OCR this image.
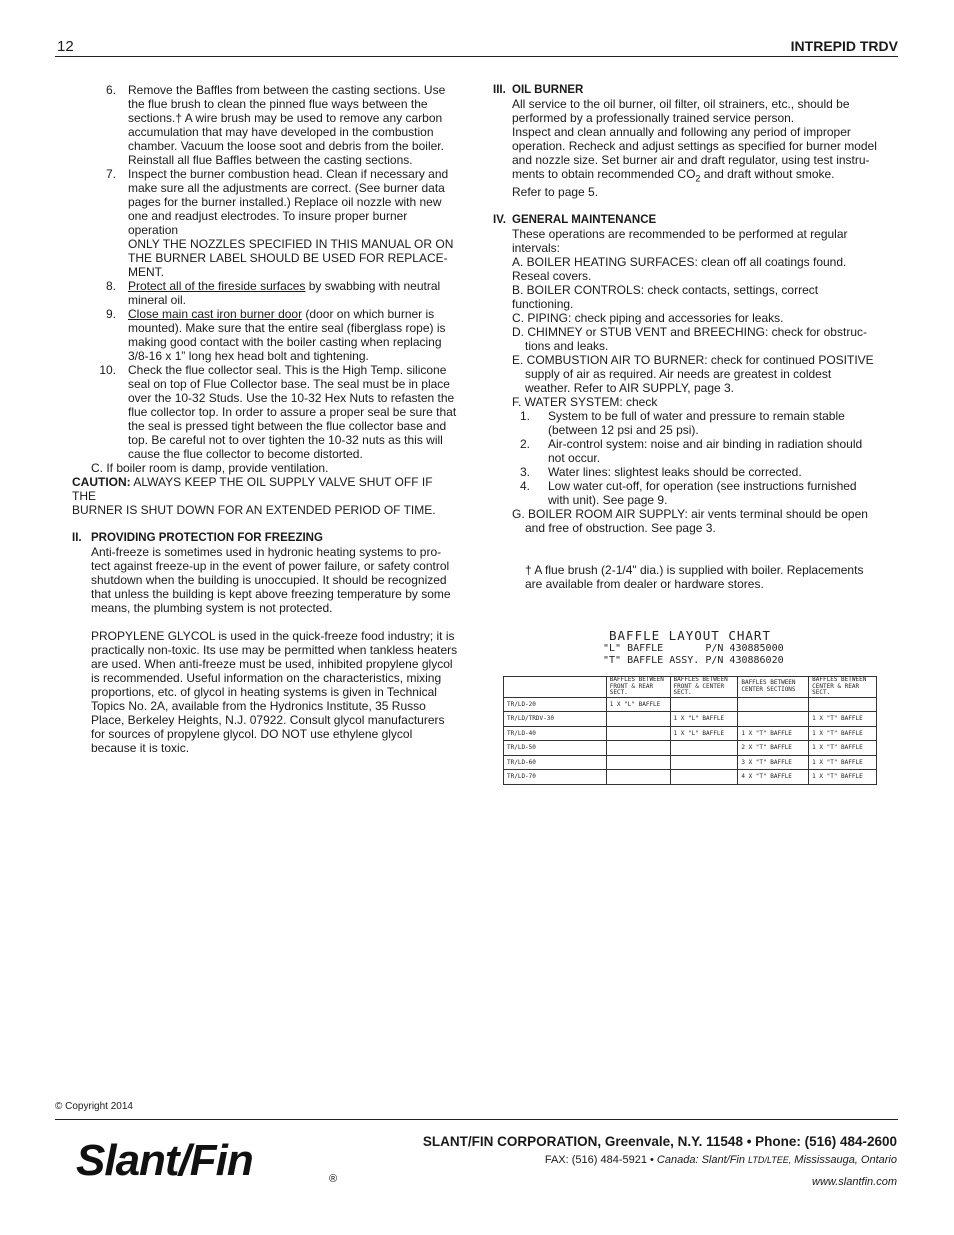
12	INTREPID TRDV
6. Remove the Baffles from between the casting sections. Use

the flue brush to clean the pinned flue ways between the

sections.† A wire brush may be used to remove any carbon

accumulation that may have developed in the combustion

chamber. Vacuum the loose soot and debris from the boiler.

Reinstall all flue Baffles between the casting sections.

7. Inspect the burner combustion head. Clean if necessary and

make sure all the adjustments are correct. (See burner data

pages for the burner installed.) Replace oil nozzle with new

one and readjust electrodes. To insure proper burner operation

ONLY THE NOZZLES SPECIFIED IN THIS MANUAL OR ON

THE BURNER LABEL SHOULD BE USED FOR REPLACE-

MENT.

8. Protect all of the fireside surfaces by swabbing with neutral

mineral oil.

9. Close main cast iron burner door (door on which burner is

mounted). Make sure that the entire seal (fiberglass rope) is

making good contact with the boiler casting when replacing

3/8-16 x 1” long hex head bolt and tightening.

10. Check the flue collector seal. This is the High Temp. silicone

seal on top of Flue Collector base. The seal must be in place

over the 10-32 Studs. Use the 10-32 Hex Nuts to refasten the

flue collector top. In order to assure a proper seal be sure that

the seal is pressed tight between the flue collector base and

top. Be careful not to over tighten the 10-32 nuts as this will

cause the flue collector to become distorted.

C. If boiler room is damp, provide ventilation.

CAUTION: ALWAYS KEEP THE OIL SUPPLY VALVE SHUT OFF IF THE

BURNER IS SHUT DOWN FOR AN EXTENDED PERIOD OF TIME.

II. PROVIDING PROTECTION FOR FREEZING

Anti-freeze is sometimes used in hydronic heating systems to pro-

tect against freeze-up in the event of power failure, or safety control

shutdown when the building is unoccupied. It should be recognized

that unless the building is kept above freezing temperature by some

means, the plumbing system is not protected.

PROPYLENE GLYCOL is used in the quick-freeze food industry; it is

practically non-toxic. Its use may be permitted when tankless heaters

are used. When anti-freeze must be used, inhibited propylene glycol

is recommended. Useful information on the characteristics, mixing

proportions, etc. of glycol in heating systems is given in Technical

Topics No. 2A, available from the Hydronics Institute, 35 Russo

Place, Berkeley Heights, N.J. 07922. Consult glycol manufacturers

for sources of propylene glycol. DO NOT use ethylene glycol

because it is toxic.

III. OIL BURNER

All service to the oil burner, oil filter, oil strainers, etc., should be

performed by a professionally trained service person.

Inspect and clean annually and following any period of improper

operation. Recheck and adjust settings as specified for burner model

and nozzle size. Set burner air and draft regulator, using test instru-

ments to obtain recommended $CO_2$ and draft without smoke.

Refer to page 5.

IV. GENERAL MAINTENANCE

These operations are recommended to be performed at regular

intervals:

A. BOILER HEATING SURFACES: clean off all coatings found.

Reseal covers.

B. BOILER CONTROLS: check contacts, settings, correct

functioning.

C. PIPING: check piping and accessories for leaks.

D. CHIMNEY or STUB VENT and BREECHING: check for obstruc- tions and leaks.

E. COMBUSTION AIR TO BURNER: check for continued POSITIVE supply of air as required. Air needs are greatest in coldest weather. Refer to AIR SUPPLY, page 3.

F. WATER SYSTEM: check

1. System to be full of water and pressure to remain stable (between 12 psi and 25 psi).

2. Air-control system: noise and air binding in radiation should not occur.

3. Water lines: slightest leaks should be corrected.

4. Low water cut-off, for operation (see instructions furnished with unit). See page 9.

G. BOILER ROOM AIR SUPPLY: air vents terminal should be open and free of obstruction. See page 3.

† A flue brush (2-1/4" dia.) is supplied with boiler. Replacements

are available from dealer or hardware stores.

BAFFLE LAYOUT CHART
"L" BAFFLE       P/N 430885000
"T" BAFFLE ASSY. P/N 430886020
	BAFFLES BETWEEN FRONT & REAR SECT.	BAFFLES BETWEEN FRONT & CENTER SECT.	BAFFLES BETWEEN CENTER SECTIONS	BAFFLES BETWEEN CENTER & REAR SECT.
TR/LD-20	1 X "L" BAFFLE			
TR/LD/TRDV-30		1 X "L" BAFFLE		1 X "T" BAFFLE
TR/LD-40		1 X "L" BAFFLE	1 X "T" BAFFLE	1 X "T" BAFFLE
TR/LD-50			2 X "T" BAFFLE	1 X "T" BAFFLE
TR/LD-60			3 X "T" BAFFLE	1 X "T" BAFFLE
TR/LD-70			4 X "T" BAFFLE	1 X "T" BAFFLE
© Copyright 2014
Slant/Fin	®
SLANT/FIN CORPORATION, Greenvale, N.Y. 11548 • Phone: (516) 484-2600
FAX: (516) 484-5921 • Canada: Slant/Fin LTD/LTEE, Mississauga, Ontario
www.slantfin.com
